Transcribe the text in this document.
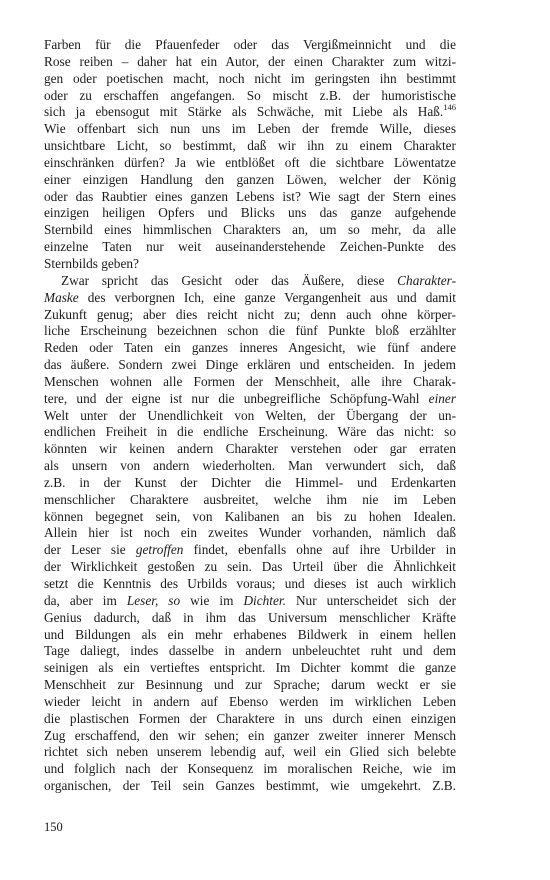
Farben für die Pfauenfeder oder das Vergißmeinnicht und die
Rose reiben – daher hat ein Autor, der einen Charakter zum witzi-
gen oder poetischen macht, noch nicht im geringsten ihn bestimmt
oder zu erschaffen angefangen. So mischt z.B. der humoristische
sich ja ebensogut mit Stärke als Schwäche, mit Liebe als Haß.$^{146}$
Wie offenbart sich nun uns im Leben der fremde Wille, dieses
unsichtbare Licht, so bestimmt, daß wir ihn zu einem Charakter
einschränken dürfen? Ja wie entblößet oft die sichtbare Löwentatze
einer einzigen Handlung den ganzen Löwen, welcher der König
oder das Raubtier eines ganzen Lebens ist? Wie sagt der Stern eines
einzigen heiligen Opfers und Blicks uns das ganze aufgehende
Sternbild eines himmlischen Charakters an, um so mehr, da alle
einzelne Taten nur weit auseinanderstehende Zeichen-Punkte des
Sternbilds geben?
Zwar spricht das Gesicht oder das Äußere, diese Charakter-
Maske des verborgnen Ich, eine ganze Vergangenheit aus und damit
Zukunft genug; aber dies reicht nicht zu; denn auch ohne körper-
liche Erscheinung bezeichnen schon die fünf Punkte bloß erzählter
Reden oder Taten ein ganzes inneres Angesicht, wie fünf andere
das äußere. Sondern zwei Dinge erklären und entscheiden. In jedem
Menschen wohnen alle Formen der Menschheit, alle ihre Charak-
tere, und der eigne ist nur die unbegreifliche Schöpfung-Wahl einer
Welt unter der Unendlichkeit von Welten, der Übergang der un-
endlichen Freiheit in die endliche Erscheinung. Wäre das nicht: so
könnten wir keinen andern Charakter verstehen oder gar erraten
als unsern von andern wiederholten. Man verwundert sich, daß
z.B. in der Kunst der Dichter die Himmel- und Erdenkarten
menschlicher Charaktere ausbreitet, welche ihm nie im Leben
können begegnet sein, von Kalibanen an bis zu hohen Idealen.
Allein hier ist noch ein zweites Wunder vorhanden, nämlich daß
der Leser sie getroffen findet, ebenfalls ohne auf ihre Urbilder in
der Wirklichkeit gestoßen zu sein. Das Urteil über die Ähnlichkeit
setzt die Kenntnis des Urbilds voraus; und dieses ist auch wirklich
da, aber im Leser, so wie im Dichter. Nur unterscheidet sich der
Genius dadurch, daß in ihm das Universum menschlicher Kräfte
und Bildungen als ein mehr erhabenes Bildwerk in einem hellen
Tage daliegt, indes dasselbe in andern unbeleuchtet ruht und dem
seinigen als ein vertieftes entspricht. Im Dichter kommt die ganze
Menschheit zur Besinnung und zur Sprache; darum weckt er sie
wieder leicht in andern auf Ebenso werden im wirklichen Leben
die plastischen Formen der Charaktere in uns durch einen einzigen
Zug erschaffend, den wir sehen; ein ganzer zweiter innerer Mensch
richtet sich neben unserem lebendig auf, weil ein Glied sich belebte
und folglich nach der Konsequenz im moralischen Reiche, wie im
organischen, der Teil sein Ganzes bestimmt, wie umgekehrt. Z.B.
150
